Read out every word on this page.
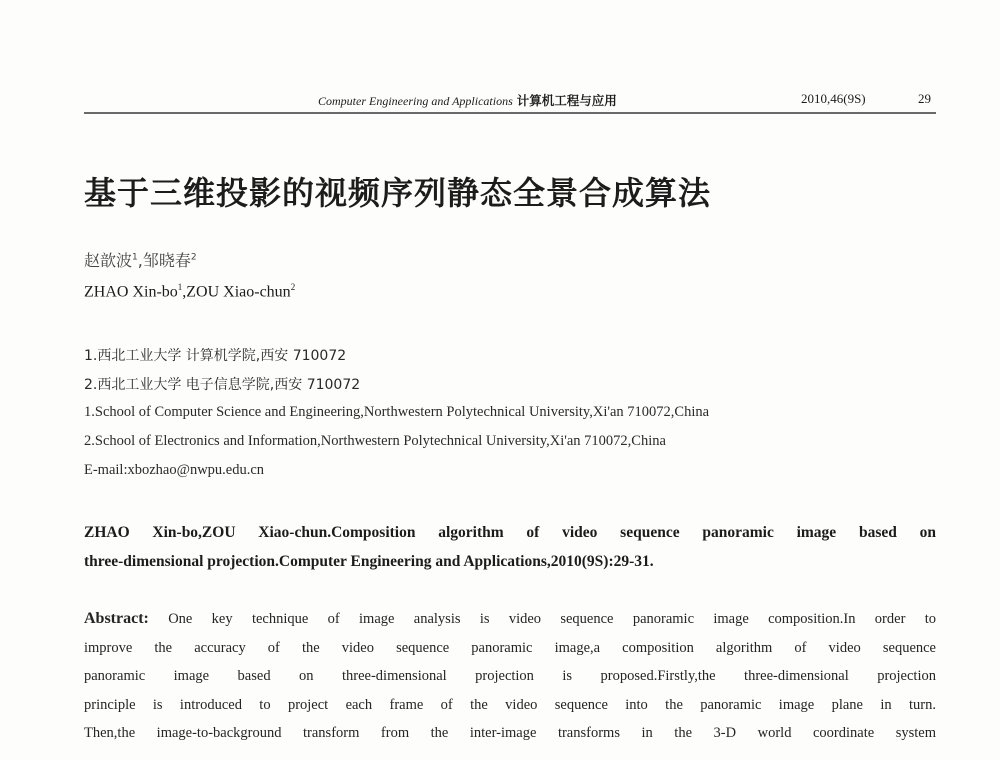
Computer Engineering and Applications 计算机工程与应用	2010,46(9S)	29
基于三维投影的视频序列静态全景合成算法
赵歆波$^1$,邹晓春$^2$
ZHAO Xin-$bo^1,ZOU$ Xiao-chun$^2$
1.西北工业大学 计算机学院,西安 710072
2.西北工业大学 电子信息学院,西安 710072
1.School of Computer Science and Engineering,Northwestern Polytechnical University,Xi'an 710072,China
2.School of Electronics and Information,Northwestern Polytechnical University,Xi'an 710072,China
E-mail:xbozhao@nwpu.edu.cn
ZHAO Xin-bo,ZOU Xiao-chun.Composition algorithm of video sequence panoramic image based on
three-dimensional projection.Computer Engineering and Applications,2010(9S):29-31.
Abstract: One key technique of image analysis is video sequence panoramic image composition.In order to
improve the accuracy of the video sequence panoramic image,a composition algorithm of video sequence
panoramic image based on three-dimensional projection is proposed.Firstly,the three-dimensional projection
principle is introduced to project each frame of the video sequence into the panoramic image plane in turn.
Then,the image-to-background transform from the inter-image transforms in the 3-D world coordinate system
